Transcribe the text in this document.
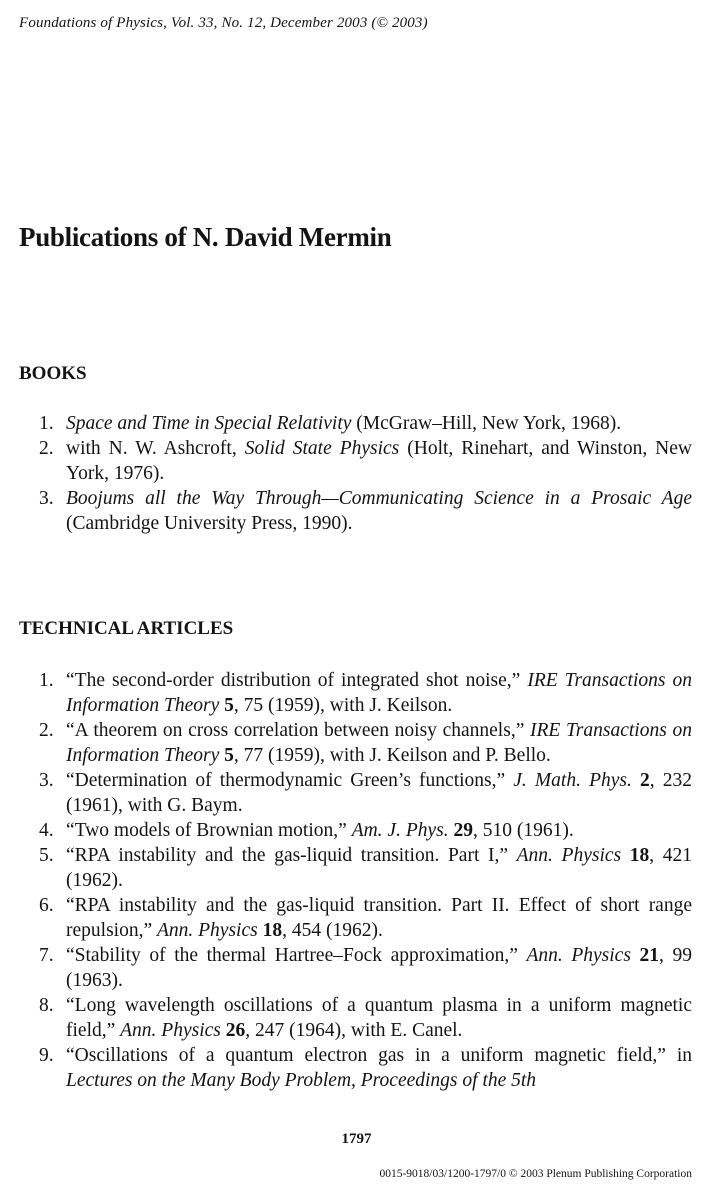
Foundations of Physics, Vol. 33, No. 12, December 2003 (© 2003)
Publications of N. David Mermin
BOOKS
1. Space and Time in Special Relativity (McGraw–Hill, New York, 1968).
2. with N. W. Ashcroft, Solid State Physics (Holt, Rinehart, and Winston, New York, 1976).
3. Boojums all the Way Through—Communicating Science in a Prosaic Age (Cambridge University Press, 1990).
TECHNICAL ARTICLES
1. “The second-order distribution of integrated shot noise,” IRE Transactions on Information Theory 5, 75 (1959), with J. Keilson.
2. “A theorem on cross correlation between noisy channels,” IRE Transactions on Information Theory 5, 77 (1959), with J. Keilson and P. Bello.
3. “Determination of thermodynamic Green’s functions,” J. Math. Phys. 2, 232 (1961), with G. Baym.
4. “Two models of Brownian motion,” Am. J. Phys. 29, 510 (1961).
5. “RPA instability and the gas-liquid transition. Part I,” Ann. Physics 18, 421 (1962).
6. “RPA instability and the gas-liquid transition. Part II. Effect of short range repulsion,” Ann. Physics 18, 454 (1962).
7. “Stability of the thermal Hartree–Fock approximation,” Ann. Physics 21, 99 (1963).
8. “Long wavelength oscillations of a quantum plasma in a uniform magnetic field,” Ann. Physics 26, 247 (1964), with E. Canel.
9. “Oscillations of a quantum electron gas in a uniform magnetic field,” in Lectures on the Many Body Problem, Proceedings of the 5th
1797
0015-9018/03/1200-1797/0 © 2003 Plenum Publishing Corporation
